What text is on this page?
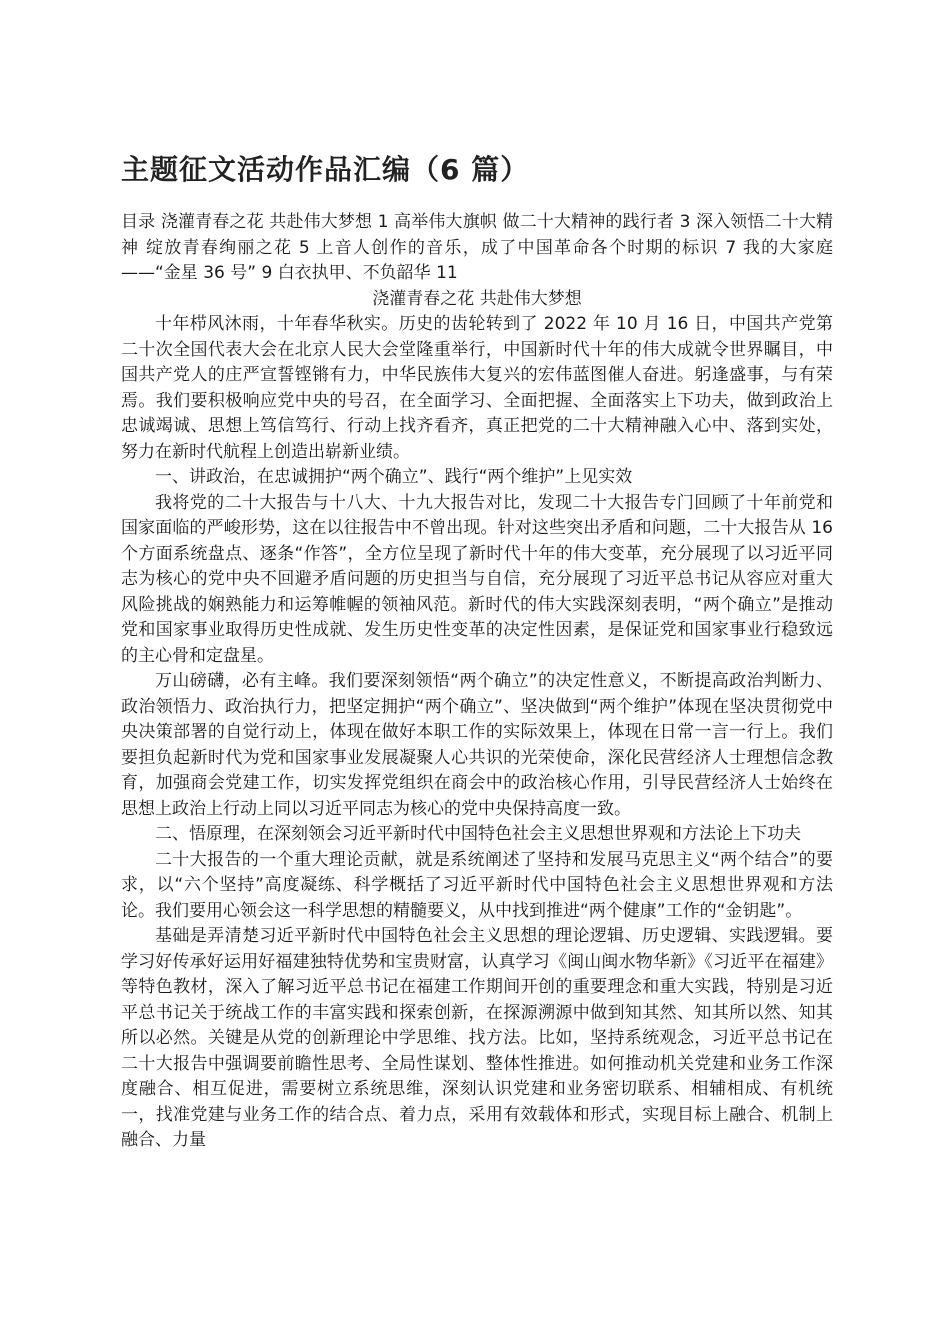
主题征文活动作品汇编（6 篇）

目录 浇灌青春之花 共赴伟大梦想 1 高举伟大旗帜 做二十大精神的践行者 3 深入领悟二十大精神 绽放青春绚丽之花 5 上音人创作的音乐，成了中国革命各个时期的标识 7 我的大家庭——“金星 36 号” 9 白衣执甲、不负韶华 11

浇灌青春之花 共赴伟大梦想

十年栉风沐雨，十年春华秋实。历史的齿轮转到了 2022 年 10 月 16 日，中国共产党第二十次全国代表大会在北京人民大会堂隆重举行，中国新时代十年的伟大成就令世界瞩目，中国共产党人的庄严宣誓铿锵有力，中华民族伟大复兴的宏伟蓝图催人奋进。躬逢盛事，与有荣焉。我们要积极响应党中央的号召，在全面学习、全面把握、全面落实上下功夫，做到政治上忠诚竭诚、思想上笃信笃行、行动上找齐看齐，真正把党的二十大精神融入心中、落到实处，努力在新时代航程上创造出崭新业绩。

一、讲政治，在忠诚拥护“两个确立”、践行“两个维护”上见实效

我将党的二十大报告与十八大、十九大报告对比，发现二十大报告专门回顾了十年前党和国家面临的严峻形势，这在以往报告中不曾出现。针对这些突出矛盾和问题，二十大报告从 16 个方面系统盘点、逐条“作答”，全方位呈现了新时代十年的伟大变革，充分展现了以习近平同志为核心的党中央不回避矛盾问题的历史担当与自信，充分展现了习近平总书记从容应对重大风险挑战的娴熟能力和运筹帷幄的领袖风范。新时代的伟大实践深刻表明，“两个确立”是推动党和国家事业取得历史性成就、发生历史性变革的决定性因素，是保证党和国家事业行稳致远的主心骨和定盘星。

万山磅礴，必有主峰。我们要深刻领悟“两个确立”的决定性意义，不断提高政治判断力、政治领悟力、政治执行力，把坚定拥护“两个确立”、坚决做到“两个维护”体现在坚决贯彻党中央决策部署的自觉行动上，体现在做好本职工作的实际效果上，体现在日常一言一行上。我们要担负起新时代为党和国家事业发展凝聚人心共识的光荣使命，深化民营经济人士理想信念教育，加强商会党建工作，切实发挥党组织在商会中的政治核心作用，引导民营经济人士始终在思想上政治上行动上同以习近平同志为核心的党中央保持高度一致。

二、悟原理，在深刻领会习近平新时代中国特色社会主义思想世界观和方法论上下功夫

二十大报告的一个重大理论贡献，就是系统阐述了坚持和发展马克思主义“两个结合”的要求，以“六个坚持”高度凝练、科学概括了习近平新时代中国特色社会主义思想世界观和方法论。我们要用心领会这一科学思想的精髓要义，从中找到推进“两个健康”工作的“金钥匙”。

基础是弄清楚习近平新时代中国特色社会主义思想的理论逻辑、历史逻辑、实践逻辑。要学习好传承好运用好福建独特优势和宝贵财富，认真学习《闽山闽水物华新》《习近平在福建》等特色教材，深入了解习近平总书记在福建工作期间开创的重要理念和重大实践，特别是习近平总书记关于统战工作的丰富实践和探索创新，在探源溯源中做到知其然、知其所以然、知其所以必然。关键是从党的创新理论中学思维、找方法。比如，坚持系统观念，习近平总书记在二十大报告中强调要前瞻性思考、全局性谋划、整体性推进。如何推动机关党建和业务工作深度融合、相互促进，需要树立系统思维，深刻认识党建和业务密切联系、相辅相成、有机统一，找准党建与业务工作的结合点、着力点，采用有效载体和形式，实现目标上融合、机制上融合、力量
